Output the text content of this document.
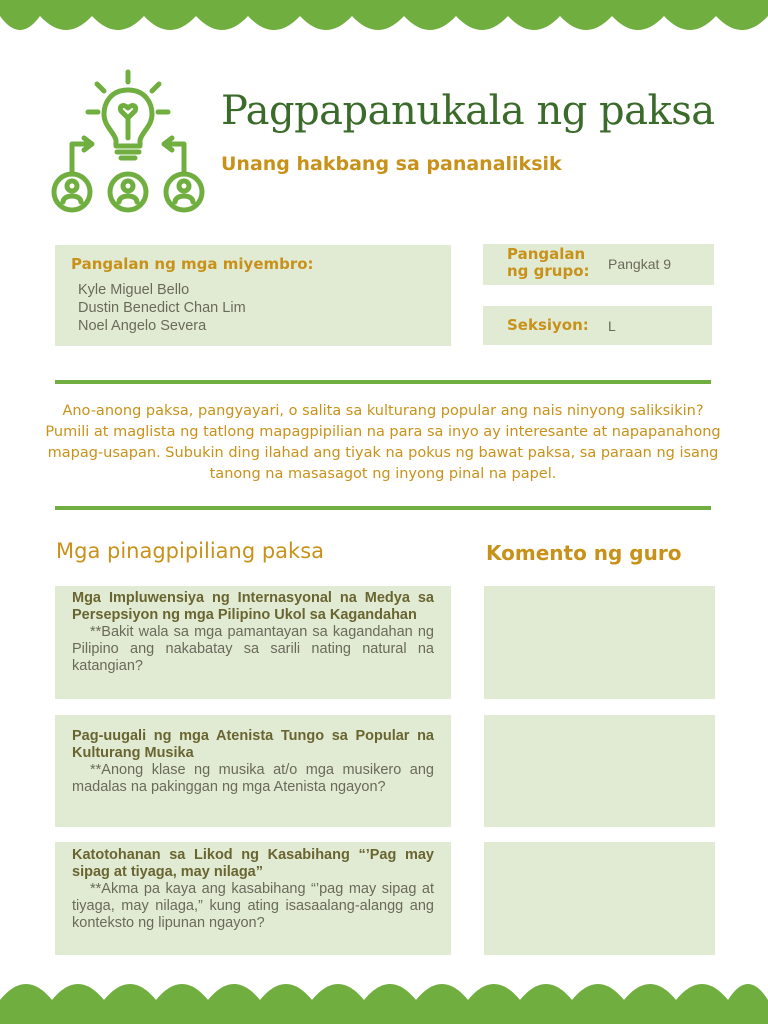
Pagpapanukala ng paksa
Unang hakbang sa pananaliksik
Pangalan ng mga miyembro:
Kyle Miguel Bello
Dustin Benedict Chan Lim
Noel Angelo Severa
Pangalan ng grupo:	Pangkat 9
Seksiyon: L
Ano-anong paksa, pangyayari, o salita sa kulturang popular ang nais ninyong saliksikin? Pumili at maglista ng tatlong mapagpipilian na para sa inyo ay interesante at napapanahong mapag-usapan. Subukin ding ilahad ang tiyak na pokus ng bawat paksa, sa paraan ng isang tanong na masasagot ng inyong pinal na papel.
Mga pinagpipiliang paksa	Komento ng guro
Mga Impluwensiya ng Internasyonal na Medya sa Persepsiyon ng mga Pilipino Ukol sa Kagandahan
**Bakit wala sa mga pamantayan sa kagandahan ng Pilipino ang nakabatay sa sarili nating natural na katangian?
Pag-uugali ng mga Atenista Tungo sa Popular na Kulturang Musika
**Anong klase ng musika at/o mga musikero ang madalas na pakinggan ng mga Atenista ngayon?
Katotohanan sa Likod ng Kasabihang “’Pag may sipag at tiyaga, may nilaga”
**Akma pa kaya ang kasabihang “’pag may sipag at tiyaga, may nilaga,” kung ating isasaalang-alangg ang konteksto ng lipunan ngayon?
